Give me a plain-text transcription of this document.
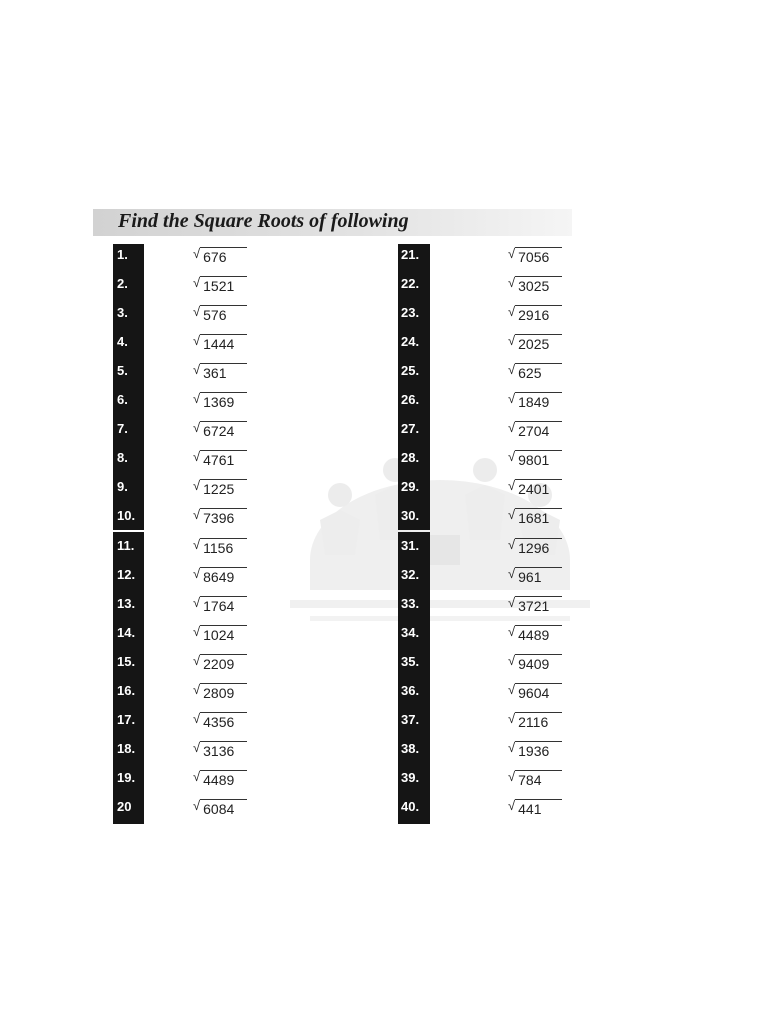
Find the Square Roots of following
1.	√ 676
2.	√ 1521
3.	√ 576
4.	√ 1444
5.	√ 361
6.	√ 1369
7.	√ 6724
8.	√ 4761
9.	√ 1225
10.	√ 7396
11.	√ 1156
12.	√ 8649
13.	√ 1764
14.	√ 1024
15.	√ 2209
16.	√ 2809
17.	√ 4356
18.	√ 3136
19.	√ 4489
20	√ 6084
21.	√ 7056
22.	√ 3025
23.	√ 2916
24.	√ 2025
25.	√ 625
26.	√ 1849
27.	√ 2704
28.	√ 9801
29.	√ 2401
30.	√ 1681
31.	√ 1296
32.	√ 961
33.	√ 3721
34.	√ 4489
35.	√ 9409
36.	√ 9604
37.	√ 2116
38.	√ 1936
39.	√ 784
40.	√ 441
